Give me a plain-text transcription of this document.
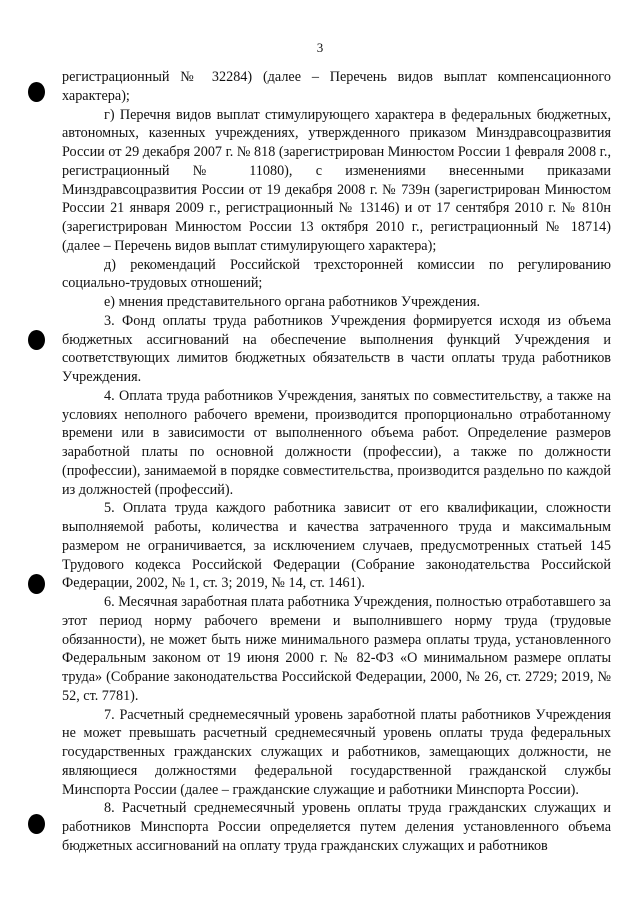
3

регистрационный № 32284) (далее – Перечень видов выплат компенсационного характера);

г) Перечня видов выплат стимулирующего характера в федеральных бюджетных, автономных, казенных учреждениях, утвержденного приказом Минздравсоцразвития России от 29 декабря 2007 г. № 818 (зарегистрирован Минюстом России 1 февраля 2008 г., регистрационный № 11080), с изменениями внесенными приказами Минздравсоцразвития России от 19 декабря 2008 г. № 739н (зарегистрирован Минюстом России 21 января 2009 г., регистрационный № 13146) и от 17 сентября 2010 г. № 810н (зарегистрирован Минюстом России 13 октября 2010 г., регистрационный № 18714) (далее – Перечень видов выплат стимулирующего характера);

д) рекомендаций Российской трехсторонней комиссии по регулированию социально-трудовых отношений;

е) мнения представительного органа работников Учреждения.

3. Фонд оплаты труда работников Учреждения формируется исходя из объема бюджетных ассигнований на обеспечение выполнения функций Учреждения и соответствующих лимитов бюджетных обязательств в части оплаты труда работников Учреждения.

4. Оплата труда работников Учреждения, занятых по совместительству, а также на условиях неполного рабочего времени, производится пропорционально отработанному времени или в зависимости от выполненного объема работ. Определение размеров заработной платы по основной должности (профессии), а также по должности (профессии), занимаемой в порядке совместительства, производится раздельно по каждой из должностей (профессий).

5. Оплата труда каждого работника зависит от его квалификации, сложности выполняемой работы, количества и качества затраченного труда и максимальным размером не ограничивается, за исключением случаев, предусмотренных статьей 145 Трудового кодекса Российской Федерации (Собрание законодательства Российской Федерации, 2002, № 1, ст. 3; 2019, № 14, ст. 1461).

6. Месячная заработная плата работника Учреждения, полностью отработавшего за этот период норму рабочего времени и выполнившего норму труда (трудовые обязанности), не может быть ниже минимального размера оплаты труда, установленного Федеральным законом от 19 июня 2000 г. № 82-ФЗ «О минимальном размере оплаты труда» (Собрание законодательства Российской Федерации, 2000, № 26, ст. 2729; 2019, № 52, ст. 7781).

7. Расчетный среднемесячный уровень заработной платы работников Учреждения не может превышать расчетный среднемесячный уровень оплаты труда федеральных государственных гражданских служащих и работников, замещающих должности, не являющиеся должностями федеральной государственной гражданской службы Минспорта России (далее – гражданские служащие и работники Минспорта России).

8. Расчетный среднемесячный уровень оплаты труда гражданских служащих и работников Минспорта России определяется путем деления установленного объема бюджетных ассигнований на оплату труда гражданских служащих и работников
